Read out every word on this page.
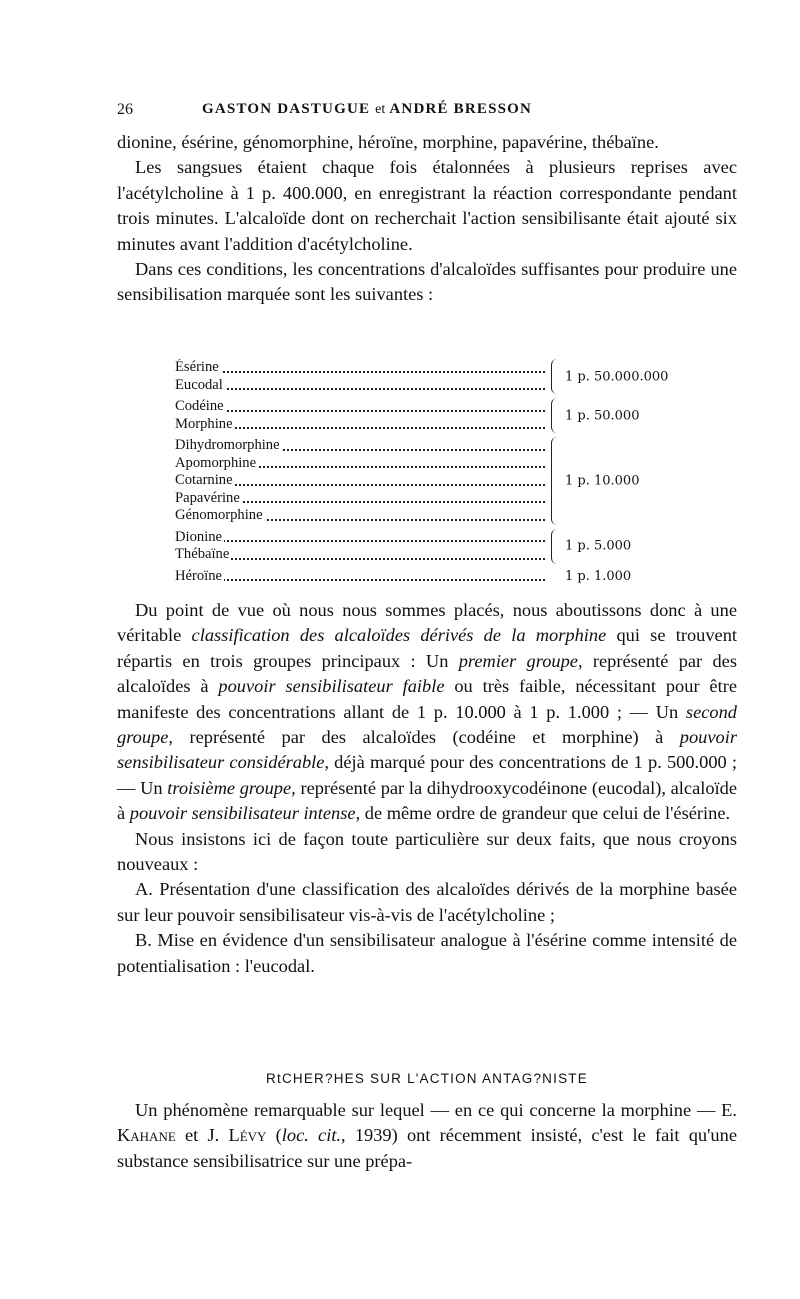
26	GASTON DASTUGUE et ANDRÉ BRESSON

dionine, ésérine, génomorphine, héroïne, morphine, papavérine, thébaïne.

Les sangsues étaient chaque fois étalonnées à plusieurs reprises avec l'acétylcholine à 1 p. 400.000, en enregistrant la réaction correspondante pendant trois minutes. L'alcaloïde dont on recherchait l'action sensibilisante était ajouté six minutes avant l'addition d'acétylcholine.

Dans ces conditions, les concentrations d'alcaloïdes suffisantes pour produire une sensibilisation marquée sont les suivantes :

Ésérine
Eucodal
1 p. 50.000.000
Codéine
Morphine
1 p. 50.000
Dihydromorphine
Apomorphine
Cotarnine
Papavérine
Génomorphine
1 p. 10.000
Dionine
Thébaïne
1 p. 5.000
Héroïne	1 p. 1.000

Du point de vue où nous nous sommes placés, nous aboutissons donc à une véritable classification des alcaloïdes dérivés de la morphine qui se trouvent répartis en trois groupes principaux : Un premier groupe, représenté par des alcaloïdes à pouvoir sensibilisateur faible ou très faible, nécessitant pour être manifeste des concentrations allant de 1 p. 10.000 à 1 p. 1.000 ; — Un second groupe, représenté par des alcaloïdes (codéine et morphine) à pouvoir sensibilisateur considérable, déjà marqué pour des concentrations de 1 p. 500.000 ; — Un troisième groupe, représenté par la dihydrooxycodéinone (eucodal), alcaloïde à pouvoir sensibilisateur intense, de même ordre de grandeur que celui de l'ésérine.

Nous insistons ici de façon toute particulière sur deux faits, que nous croyons nouveaux :

A. Présentation d'une classification des alcaloïdes dérivés de la morphine basée sur leur pouvoir sensibilisateur vis-à-vis de l'acétylcholine ;

B. Mise en évidence d'un sensibilisateur analogue à l'ésérine comme intensité de potentialisation : l'eucodal.

RtCHER?HES SUR L'ACTION ANTAG?NISTE

Un phénomène remarquable sur lequel — en ce qui concerne la morphine — E. Kahane et J. Lévy (loc. cit., 1939) ont récemment insisté, c'est le fait qu'une substance sensibilisatrice sur une prépa-
